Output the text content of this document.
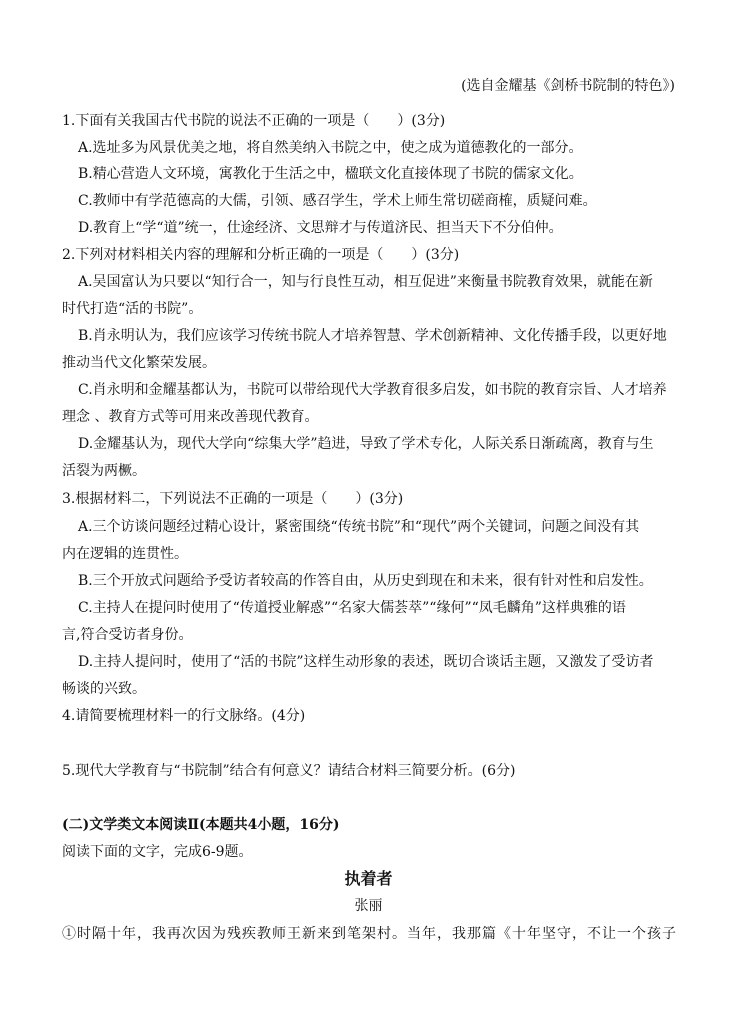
(选自金耀基《剑桥书院制的特色》)
1.下面有关我国古代书院的说法不正确的一项是（　　）(3分)
A.选址多为风景优美之地，将自然美纳入书院之中，使之成为道德教化的一部分。
B.精心营造人文环境，寓教化于生活之中，楹联文化直接体现了书院的儒家文化。
C.教师中有学范德高的大儒，引领、感召学生，学术上师生常切磋商榷，质疑问难。
D.教育上“学“道”统一，仕途经济、文思辩才与传道济民、担当天下不分伯仲。
2.下列对材料相关内容的理解和分析正确的一项是（　　）(3分)
A.吴国富认为只要以“知行合一，知与行良性互动，相互促进”来衡量书院教育效果，就能在新
时代打造“活的书院”。
B.肖永明认为，我们应该学习传统书院人才培养智慧、学术创新精神、文化传播手段，以更好地
推动当代文化繁荣发展。
C.肖永明和金耀基都认为，书院可以带给现代大学教育很多启发，如书院的教育宗旨、人才培养
理念 、教育方式等可用来改善现代教育。
D.金耀基认为，现代大学向“综集大学”趋进，导致了学术专化，人际关系日渐疏离，教育与生
活裂为两橛。
3.根据材料二，下列说法不正确的一项是（　　）(3分)
A.三个访谈问题经过精心设计，紧密围绕“传统书院”和“现代”两个关键词，问题之间没有其
内在逻辑的连贯性。
B.三个开放式问题给予受访者较高的作答自由，从历史到现在和未来，很有针对性和启发性。
C.主持人在提问时使用了“传道授业解惑”“名家大儒荟萃”“缘何”“凤毛麟角”这样典雅的语
言,符合受访者身份。
D.主持人提问时，使用了“活的书院”这样生动形象的表述，既切合谈话主题，又激发了受访者
畅谈的兴致。
4.请简要梳理材料一的行文脉络。(4分)
5.现代大学教育与“书院制”结合有何意义？请结合材料三简要分析。(6分)
(二)文学类文本阅读Ⅱ(本题共4小题，16分)
阅读下面的文字，完成6-9题。
执着者
张丽
①时隔十年，我再次因为残疾教师王新来到笔架村。当年，我那篇《十年坚守，不让一个孩子
